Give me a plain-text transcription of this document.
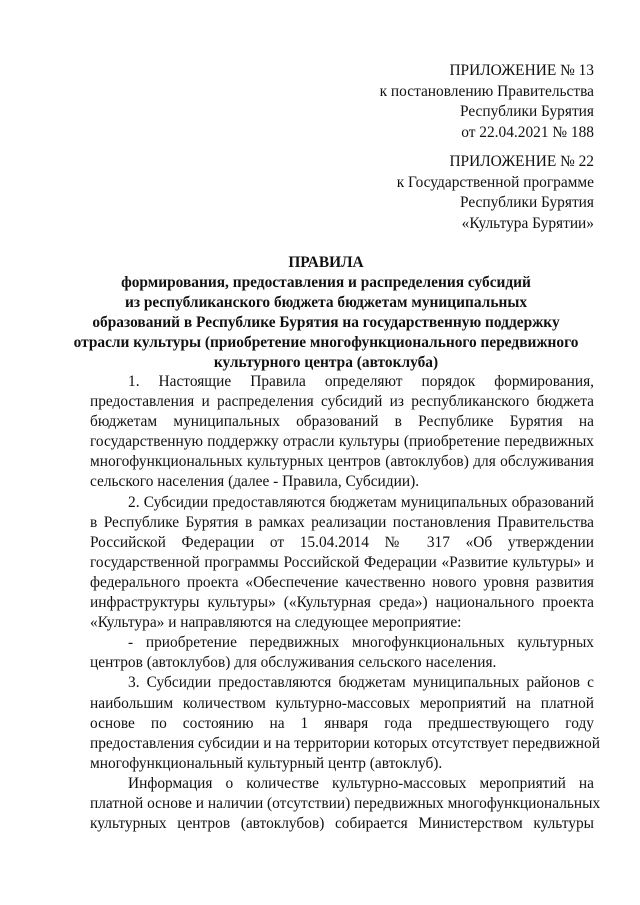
ПРИЛОЖЕНИЕ № 13
к постановлению Правительства
Республики Бурятия
от 22.04.2021 № 188
ПРИЛОЖЕНИЕ № 22
к Государственной программе
Республики Бурятия
«Культура Бурятии»
ПРАВИЛА
формирования, предоставления и распределения субсидий
из республиканского бюджета бюджетам муниципальных
образований в Республике Бурятия на государственную поддержку
отрасли культуры (приобретение многофункционального передвижного
культурного центра (автоклуба)
1. Настоящие Правила определяют порядок формирования,
предоставления и распределения субсидий из республиканского бюджета
бюджетам муниципальных образований в Республике Бурятия на
государственную поддержку отрасли культуры (приобретение передвижных
многофункциональных культурных центров (автоклубов) для обслуживания
сельского населения (далее - Правила, Субсидии).
2. Субсидии предоставляются бюджетам муниципальных образований
в Республике Бурятия в рамках реализации постановления Правительства
Российской Федерации от 15.04.2014 № 317 «Об утверждении
государственной программы Российской Федерации «Развитие культуры» и
федерального проекта «Обеспечение качественно нового уровня развития
инфраструктуры культуры» («Культурная среда») национального проекта
«Культура» и направляются на следующее мероприятие:
- приобретение передвижных многофункциональных культурных
центров (автоклубов) для обслуживания сельского населения.
3. Субсидии предоставляются бюджетам муниципальных районов с
наибольшим количеством культурно-массовых мероприятий на платной
основе по состоянию на 1 января года предшествующего году
предоставления субсидии и на территории которых отсутствует передвижной
многофункциональный культурный центр (автоклуб).
Информация о количестве культурно-массовых мероприятий на
платной основе и наличии (отсутствии) передвижных многофункциональных
культурных центров (автоклубов) собирается Министерством культуры
